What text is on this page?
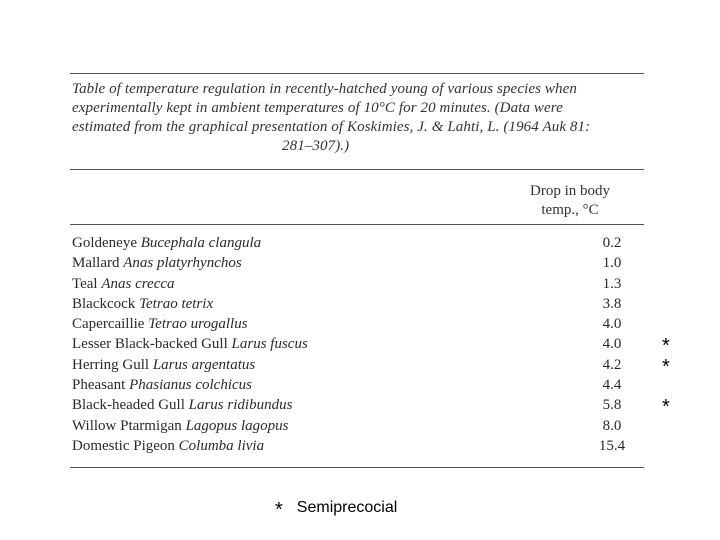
Table of temperature regulation in recently-hatched young of various species when
experimentally kept in ambient temperatures of 10°C for 20 minutes. (Data were
estimated from the graphical presentation of Koskimies, J. & Lahti, L. (1964 Auk 81:
281–307).)
Drop in body
temp., °C
Goldeneye Bucephala clangula	0.2
Mallard Anas platyrhynchos	1.0
Teal Anas crecca	1.3
Blackcock Tetrao tetrix	3.8
Capercaillie Tetrao urogallus	4.0
Lesser Black-backed Gull Larus fuscus	4.0	*
Herring Gull Larus argentatus	4.2	*
Pheasant Phasianus colchicus	4.4
Black-headed Gull Larus ridibundus	5.8	*
Willow Ptarmigan Lagopus lagopus	8.0
Domestic Pigeon Columba livia	15.4
* Semiprecocial
